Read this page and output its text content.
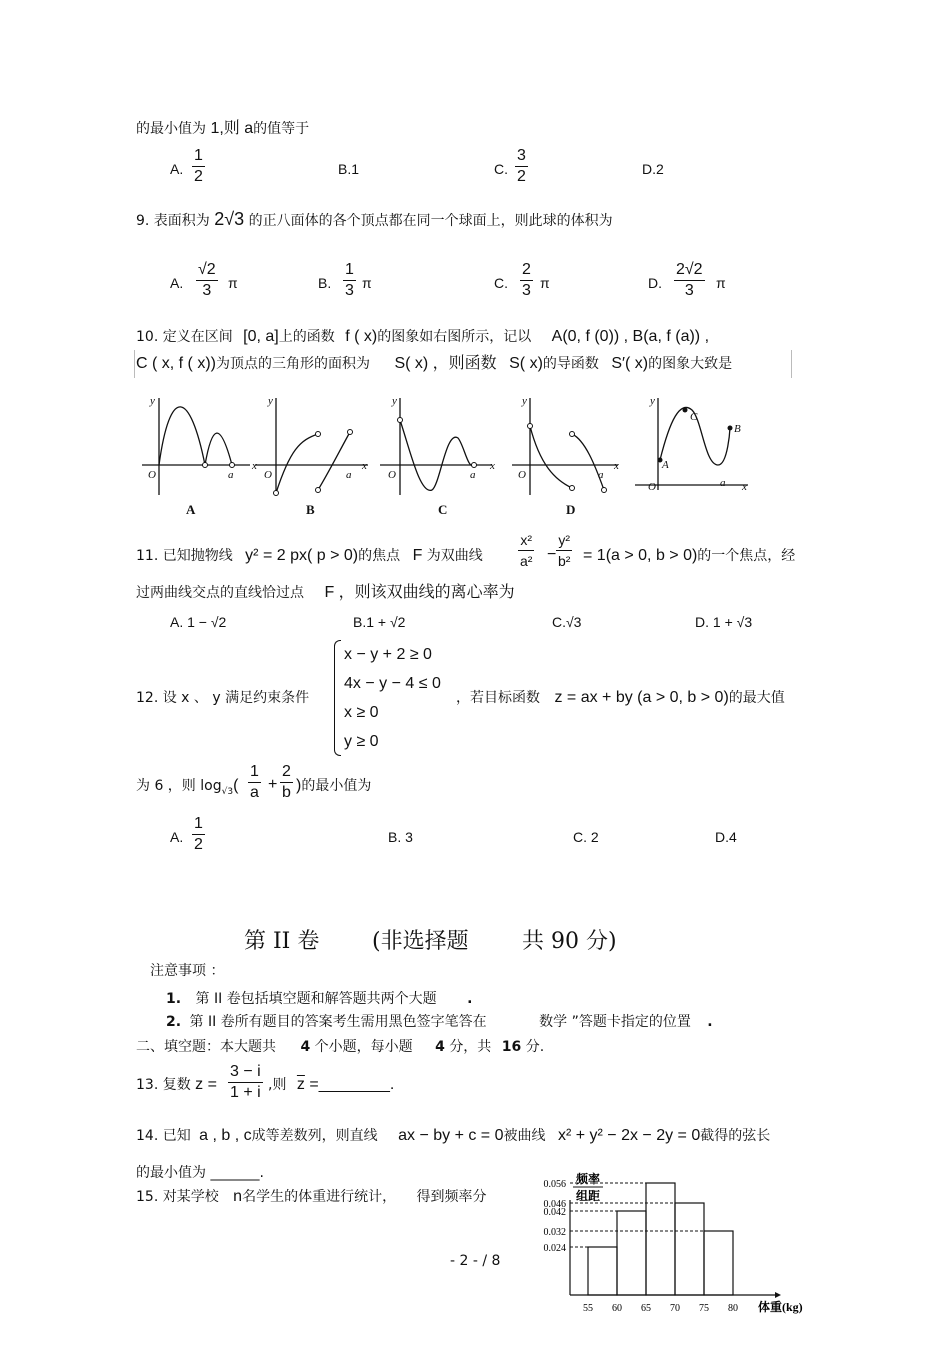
的最小值为 1,则 a的值等于
A. $\frac{1}{2}$	B.1	C. $\frac{3}{2}$	D.2
9. 表面积为 2√3 的正八面体的各个顶点都在同一个球面上，则此球的体积为
A. $\frac{√2}{3}$ π	B. $\frac{1}{3}$ π	C. $\frac{2}{3}$ π	D. $\frac{2√2}{3}$ π
10. 定义在区间 [0, a]上的函数 f ( x)的图象如右图所示，记以 A(0, f (0)) , B(a, f (a)) ,
C ( x, f ( x))为顶点的三角形的面积为 S( x) ，则函数 S( x)的导函数 S′( x)的图象大致是
y
x
O	a
y
x
O	a
y
x
O	a
y
x
O	a
y
x
O	a
A
B
C
A	B	C	D
11. 已知抛物线 y² = 2 px( p > 0)的焦点 F 为双曲线	$\frac{\text{x²}}{\text{a²}} - \frac{\text{y²}}{\text{b²}} = 1(a > 0$, b > 0)的一个焦点，经
过两曲线交点的直线恰过点 F ，则该双曲线的离心率为
A. 1 − √2	B.1 + √2	C.√3	D. 1 + √3
12. 设 x 、 y 满足约束条件
x − y + 2 ≥ 0
4x − y − 4 ≤ 0
x ≥ 0
y ≥ 0
，若目标函数 z = ax + by (a > 0, b > 0)的最大值
为 6 ，则 $\log_{√3}( \frac{1}{a} + \frac{2}{b}$ )的最小值为
A. $\frac{1}{2}$	B. 3	C. 2	D.4
第 II 卷 (非选择题 共 90 分)
注意事项 ：
1. 第 II 卷包括填空题和解答题共两个大题 .
2. 第 II 卷所有题目的答案考生需用黑色签字笔答在	数学 ”答题卡指定的位置 .
二、填空题：本大题共 4 个小题，每小题 4 分，共 16 分.
13. 复数 $z = \frac{3 - i}{1 + i}$ ,则 $\overline{z}$ =________.
14. 已知 a , b , c成等差数列，则直线 ax − by + c = 0被曲线 x² + y² − 2x − 2y = 0截得的弦长
的最小值为 _______.
15. 对某学校 n名学生的体重进行统计， 得到频率分
- 2 - / 8
频率
组距
体重(kg)
0.056
0.046
0.042
0.032
0.024
55 60 65 70 75 80
